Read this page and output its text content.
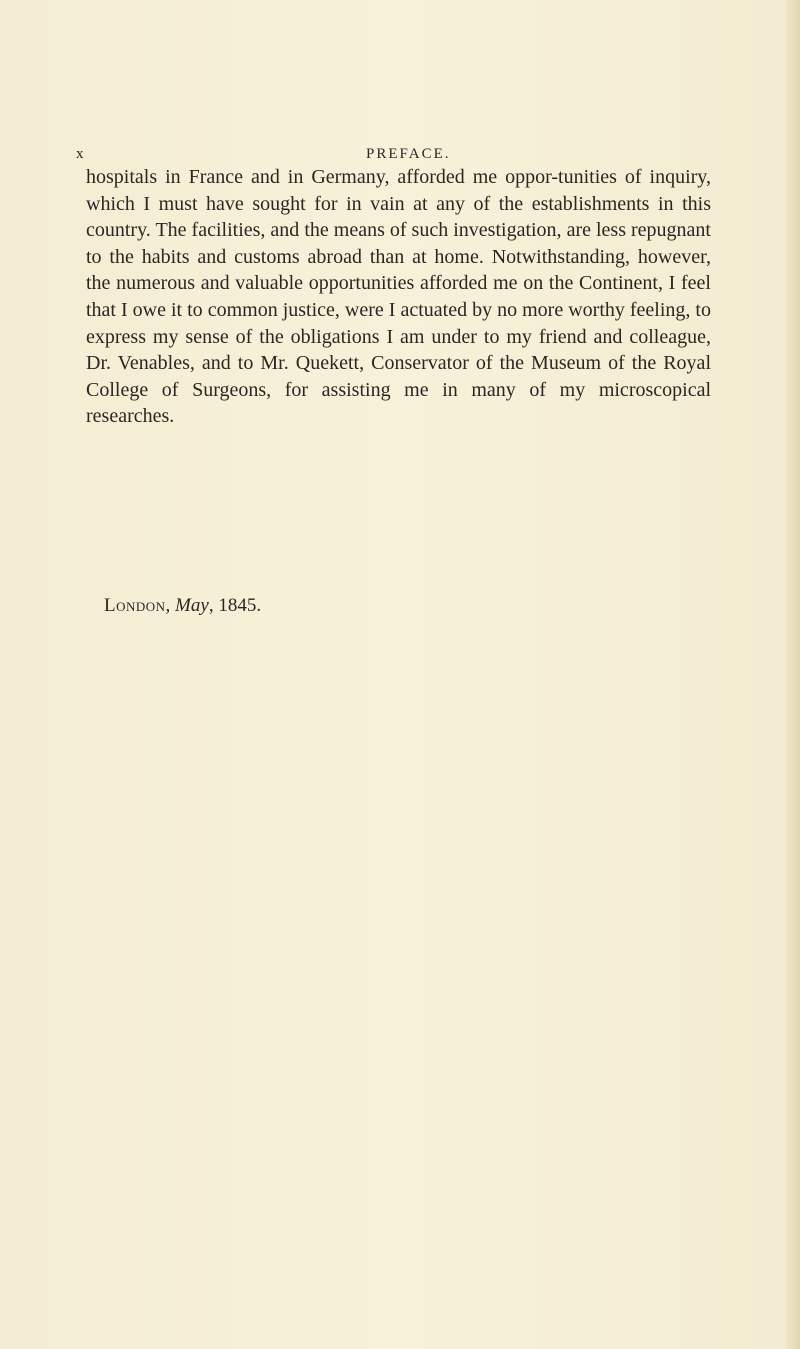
x	PREFACE.

hospitals in France and in Germany, afforded me oppor-tunities of inquiry, which I must have sought for in vain at any of the establishments in this country. The facilities, and the means of such investigation, are less repugnant to the habits and customs abroad than at home. Notwithstanding, however, the numerous and valuable opportunities afforded me on the Continent, I feel that I owe it to common justice, were I actuated by no more worthy feeling, to express my sense of the obligations I am under to my friend and colleague, Dr. Venables, and to Mr. Quekett, Conservator of the Museum of the Royal College of Surgeons, for assisting me in many of my microscopical researches.

London, May, 1845.
